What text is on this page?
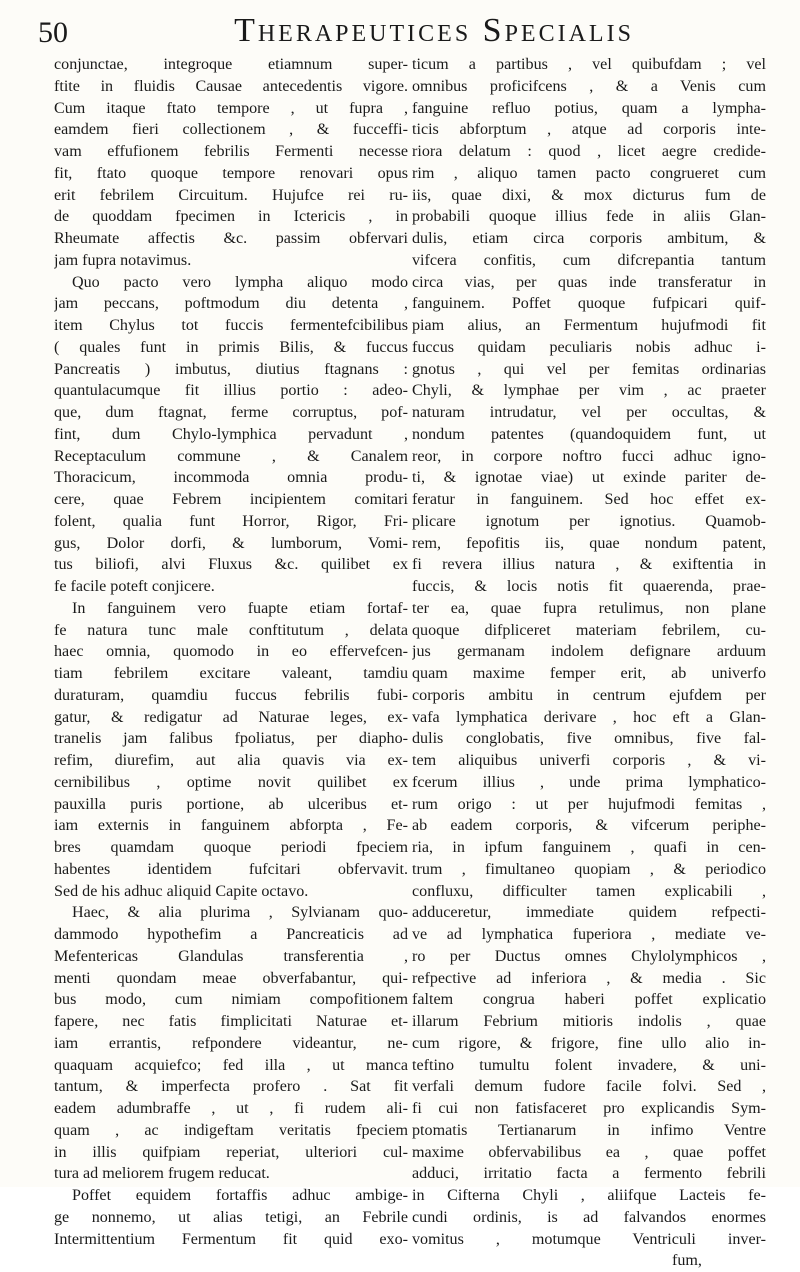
50	Therapeutices Specialis
conjunctae, integroque etiamnum super-
ftite in fluidis Causae antecedentis vigore.
Cum itaque ftato tempore , ut fupra ,
eamdem fieri collectionem , & fucceffi-
vam effufionem febrilis Fermenti necesse
fit, ftato quoque tempore renovari opus
erit febrilem Circuitum. Hujufce rei ru-
de quoddam fpecimen in Ictericis , in
Rheumate affectis &c. passim obfervari
jam fupra notavimus.
Quo pacto vero lympha aliquo modo
jam peccans, poftmodum diu detenta ,
item Chylus tot fuccis fermentefcibilibus
( quales funt in primis Bilis, & fuccus
Pancreatis ) imbutus, diutius ftagnans :
quantulacumque fit illius portio : adeo-
que, dum ftagnat, ferme corruptus, pof-
fint, dum Chylo-lymphica pervadunt ,
Receptaculum commune , & Canalem
Thoracicum, incommoda omnia produ-
cere, quae Febrem incipientem comitari
folent, qualia funt Horror, Rigor, Fri-
gus, Dolor dorfi, & lumborum, Vomi-
tus biliofi, alvi Fluxus &c. quilibet ex
fe facile poteft conjicere.
In fanguinem vero fuapte etiam fortaf-
fe natura tunc male conftitutum , delata
haec omnia, quomodo in eo effervefcen-
tiam febrilem excitare valeant, tamdiu
duraturam, quamdiu fuccus febrilis fubi-
gatur, & redigatur ad Naturae leges, ex-
tranelis jam falibus fpoliatus, per diapho-
refim, diurefim, aut alia quavis via ex-
cernibilibus , optime novit quilibet ex
pauxilla puris portione, ab ulceribus et-
iam externis in fanguinem abforpta , Fe-
bres quamdam quoque periodi fpeciem
habentes identidem fufcitari obfervavit.
Sed de his adhuc aliquid Capite octavo.
Haec, & alia plurima , Sylvianam quo-
dammodo hypothefim a Pancreaticis ad
Mefentericas Glandulas transferentia ,
menti quondam meae obverfabantur, qui-
bus modo, cum nimiam compofitionem
fapere, nec fatis fimplicitati Naturae et-
iam errantis, refpondere videantur, ne-
quaquam acquiefco; fed illa , ut manca
tantum, & imperfecta profero . Sat fit
eadem adumbraffe , ut , fi rudem ali-
quam , ac indigeftam veritatis fpeciem
in illis quifpiam reperiat, ulteriori cul-
tura ad meliorem frugem reducat.
Poffet equidem fortaffis adhuc ambige-
ge nonnemo, ut alias tetigi, an Febrile
Intermittentium Fermentum fit quid exo-
ticum a partibus , vel quibufdam ; vel
omnibus proficifcens , & a Venis cum
fanguine refluo potius, quam a lympha-
ticis abforptum , atque ad corporis inte-
riora delatum : quod , licet aegre credide-
rim , aliquo tamen pacto congrueret cum
iis, quae dixi, & mox dicturus fum de
probabili quoque illius fede in aliis Glan-
dulis, etiam circa corporis ambitum, &
vifcera confitis, cum difcrepantia tantum
circa vias, per quas inde transferatur in
fanguinem. Poffet quoque fufpicari quif-
piam alius, an Fermentum hujufmodi fit
fuccus quidam peculiaris nobis adhuc i-
gnotus , qui vel per femitas ordinarias
Chyli, & lymphae per vim , ac praeter
naturam intrudatur, vel per occultas, &
nondum patentes (quandoquidem funt, ut
reor, in corpore noftro fucci adhuc igno-
ti, & ignotae viae) ut exinde pariter de-
feratur in fanguinem. Sed hoc effet ex-
plicare ignotum per ignotius. Quamob-
rem, fepofitis iis, quae nondum patent,
fi revera illius natura , & exiftentia in
fuccis, & locis notis fit quaerenda, prae-
ter ea, quae fupra retulimus, non plane
quoque difpliceret materiam febrilem, cu-
jus germanam indolem defignare arduum
quam maxime femper erit, ab univerfo
corporis ambitu in centrum ejufdem per
vafa lymphatica derivare , hoc eft a Glan-
dulis conglobatis, five omnibus, five fal-
tem aliquibus univerfi corporis , & vi-
fcerum illius , unde prima lymphatico-
rum origo : ut per hujufmodi femitas ,
ab eadem corporis, & vifcerum periphe-
ria, in ipfum fanguinem , quafi in cen-
trum , fimultaneo quopiam , & periodico
confluxu, difficulter tamen explicabili ,
adduceretur, immediate quidem refpecti-
ve ad lymphatica fuperiora , mediate ve-
ro per Ductus omnes Chylolymphicos ,
refpective ad inferiora , & media . Sic
faltem congrua haberi poffet explicatio
illarum Febrium mitioris indolis , quae
cum rigore, & frigore, fine ullo alio in-
teftino tumultu folent invadere, & uni-
verfali demum fudore facile folvi. Sed ,
fi cui non fatisfaceret pro explicandis Sym-
ptomatis Tertianarum in infimo Ventre
maxime obfervabilibus ea , quae poffet
adduci, irritatio facta a fermento febrili
in Cifterna Chyli , aliifque Lacteis fe-
cundi ordinis, is ad falvandos enormes
vomitus , motumque Ventriculi inver-
fum,
